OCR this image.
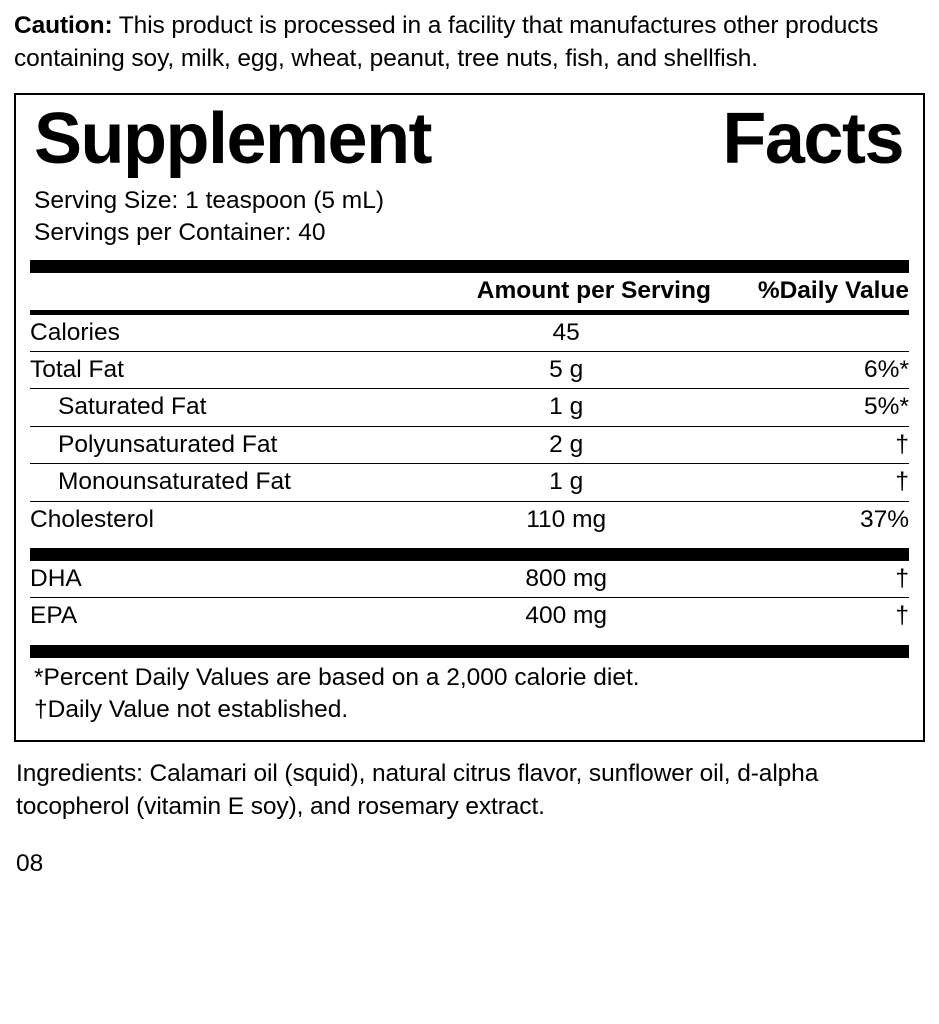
Caution: This product is processed in a facility that manufactures other products containing soy, milk, egg, wheat, peanut, tree nuts, fish, and shellfish.

Supplement	Facts
Serving Size: 1 teaspoon (5 mL)
Servings per Container: 40
	Amount per Serving	%Daily Value
Calories	45	
Total Fat	5 g	6%*
Saturated Fat	1 g	5%*
Polyunsaturated Fat	2 g	†
Monounsaturated Fat	1 g	†
Cholesterol	110 mg	37%
DHA	800 mg	†
EPA	400 mg	†
*Percent Daily Values are based on a 2,000 calorie diet.
†Daily Value not established.

Ingredients: Calamari oil (squid), natural citrus flavor, sunflower oil, d-alpha tocopherol (vitamin E soy), and rosemary extract.

08
